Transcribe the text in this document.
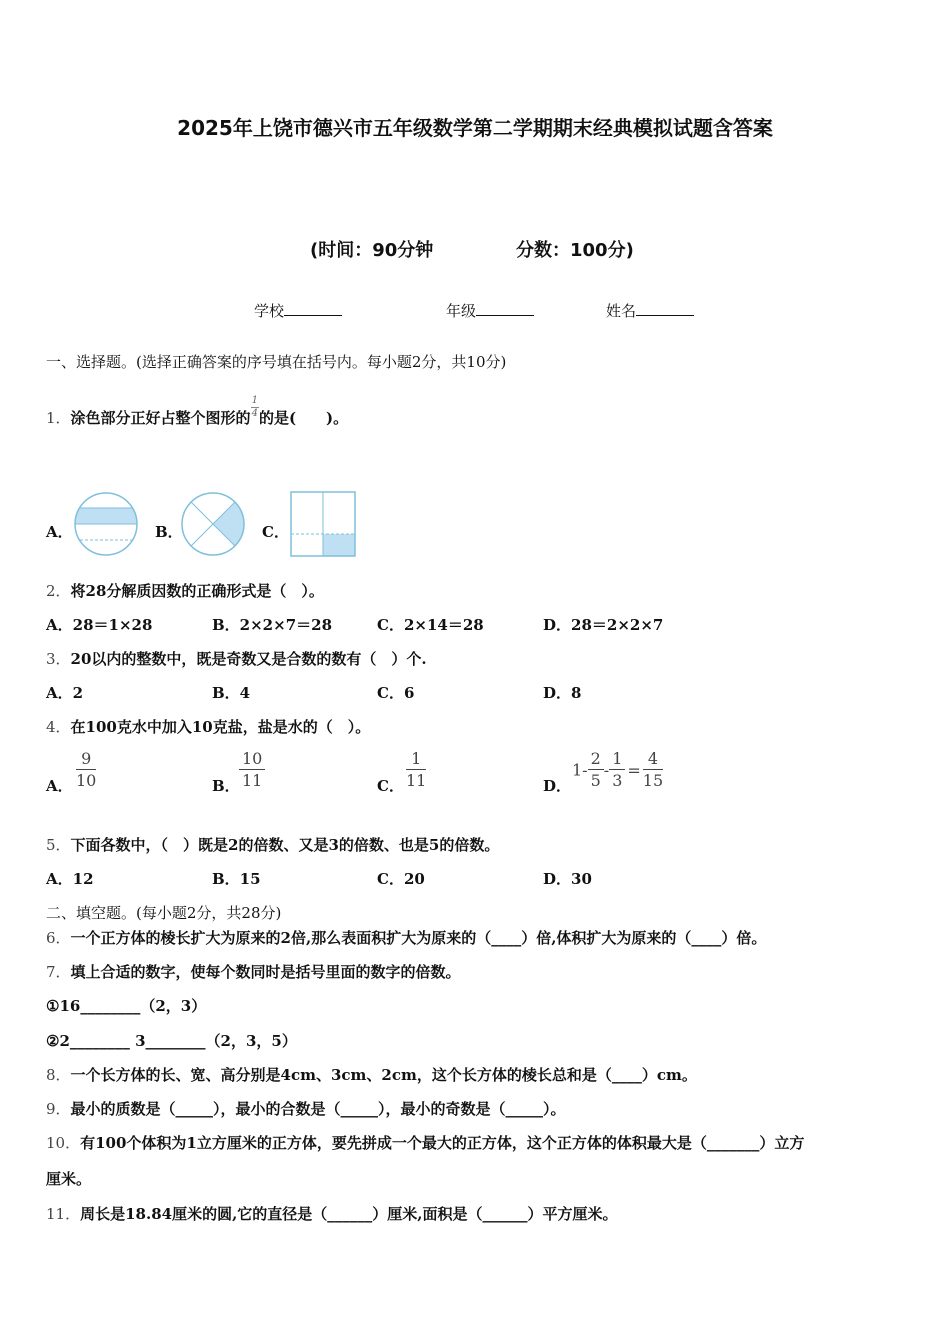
2025年上饶市德兴市五年级数学第二学期期末经典模拟试题含答案
(时间：90分钟	分数：100分)
学校	年级	姓名
一、选择题。(选择正确答案的序号填在括号内。每小题2分，共10分)
1．涂色部分正好占整个图形的 $\frac{1}{4}$ 的是(　　)。
A．	B．	C．
2．将28分解质因数的正确形式是（　）。
A．28＝1×28	B．2×2×7＝28	C．2×14＝28	D．28＝2×2×7
3．20以内的整数中，既是奇数又是合数的数有（　）个.
A．2	B．4	C．6	D．8
4．在100克水中加入10克盐，盐是水的（　）。
A． $\frac{9}{10}$	B． $\frac{10}{11}$	C． $\frac{1}{11}$	D．
$1- \frac{2}{5} - \frac{1}{3} = \frac{4}{15}$
5．下面各数中，（　）既是2的倍数、又是3的倍数、也是5的倍数。
A．12	B．15	C．20	D．30
二、填空题。(每小题2分，共28分)
6．一个正方体的棱长扩大为原来的2倍,那么表面积扩大为原来的（____）倍,体积扩大为原来的（____）倍。
7．填上合适的数字，使每个数同时是括号里面的数字的倍数。
①16________（2，3）
②2________ 3________（2，3，5）
8．一个长方体的长、宽、高分别是4cm、3cm、2cm，这个长方体的棱长总和是（____）cm。
9．最小的质数是（_____），最小的合数是（_____），最小的奇数是（_____）。
10．有100个体积为1立方厘米的正方体，要先拼成一个最大的正方体，这个正方体的体积最大是（_______）立方
厘米。
11．周长是18.84厘米的圆,它的直径是（______）厘米,面积是（______）平方厘米。
